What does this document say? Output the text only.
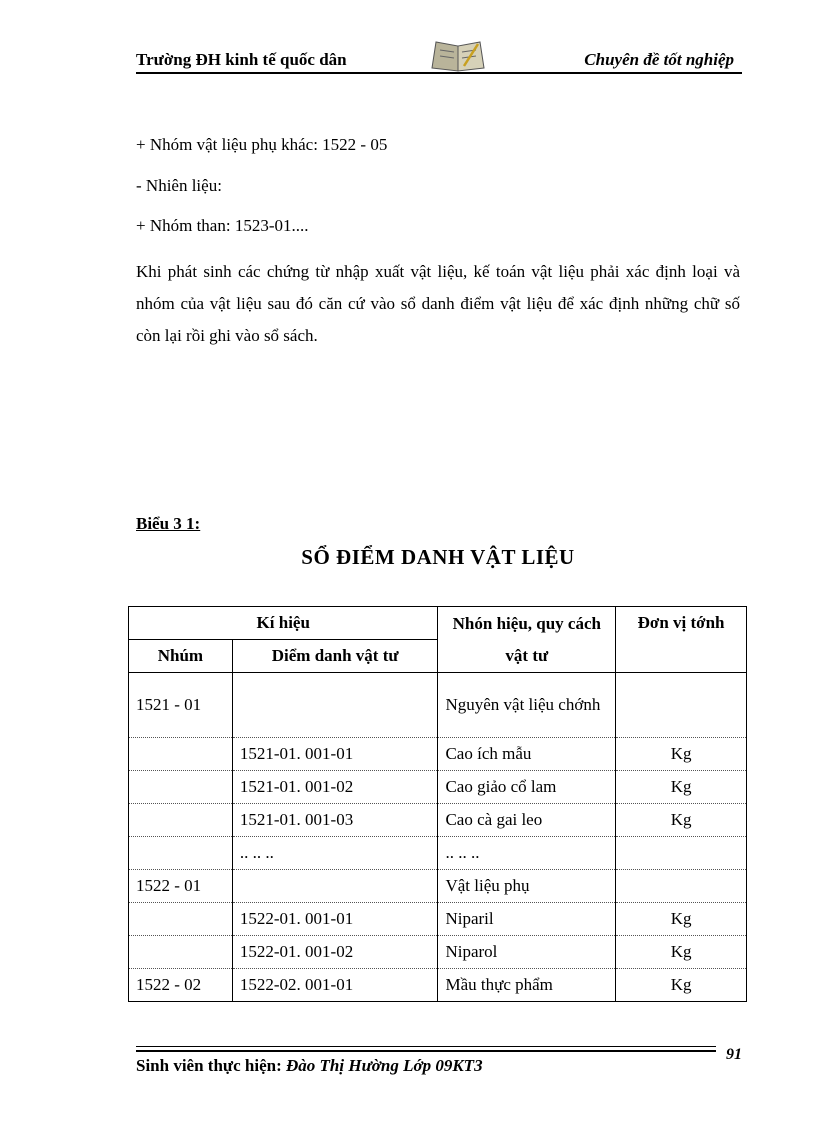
Trường ĐH kinh tế quốc dân	Chuyên đề tốt nghiệp
+ Nhóm vật liệu phụ khác: 1522 - 05
- Nhiên liệu:
+ Nhóm than: 1523-01....
Khi phát sinh các chứng từ nhập xuất vật liệu, kế toán vật liệu phải xác định loại và nhóm của vật liệu sau đó căn cứ vào sổ danh điểm vật liệu để xác định những chữ số còn lại rồi ghi vào sổ sách.
Biểu 3 1:
SỔ ĐIỂM DANH VẬT LIỆU
Kí hiệu		Nhón hiệu, quy cách vật tư	Đơn vị tớnh
Nhúm	Diểm danh vật tư		
1521 - 01		Nguyên vật liệu chớnh	
	1521-01. 001-01	Cao ích mẫu	Kg
	1521-01. 001-02	Cao giảo cổ lam	Kg
	1521-01. 001-03	Cao cà gai leo	Kg
	.. .. ..	.. .. ..	
1522 - 01		Vật liệu phụ	
	1522-01. 001-01	Niparil	Kg
	1522-01. 001-02	Niparol	Kg
1522 - 02	1522-02. 001-01	Mầu thực phẩm	Kg
91
Sinh viên thực hiện: Đào Thị Hường Lớp 09KT3
